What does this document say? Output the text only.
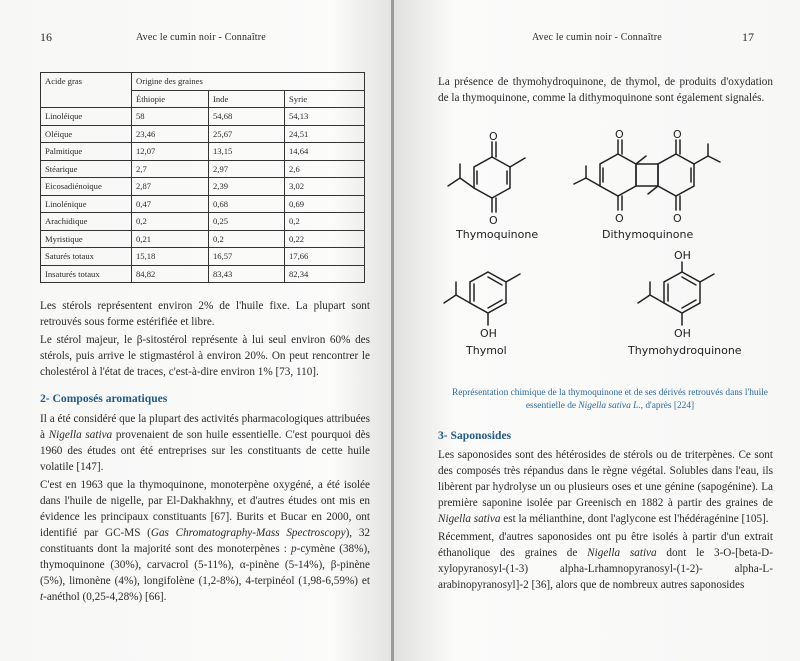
16	Avec le cumin noir - Connaître
Acide gras	Origine des graines		
	Éthiopie	Inde	Syrie
Linoléique	58	54,68	54,13
Oléique	23,46	25,67	24,51
Palmitique	12,07	13,15	14,64
Stéarique	2,7	2,97	2,6
Eicosadiénoique	2,87	2,39	3,02
Linolénique	0,47	0,68	0,69
Arachidique	0,2	0,25	0,2
Myristique	0,21	0,2	0,22
Saturés totaux	15,18	16,57	17,66
Insaturés totaux	84,82	83,43	82,34

Les stérols représentent environ 2% de l'huile fixe. La plupart sont retrouvés sous forme estérifiée et libre.

Le stérol majeur, le β-sitostérol représente à lui seul environ 60% des stérols, puis arrive le stigmastérol à environ 20%. On peut rencontrer le cholestérol à l'état de traces, c'est-à-dire environ 1% [73, 110].

2- Composés aromatiques

Il a été considéré que la plupart des activités pharmacologiques attribuées à Nigella sativa provenaient de son huile essentielle. C'est pourquoi dès 1960 des études ont été entreprises sur les constituants de cette huile volatile [147].

C'est en 1963 que la thymoquinone, monoterpène oxygéné, a été isolée dans l'huile de nigelle, par El-Dakhakhny, et d'autres études ont mis en évidence les principaux constituants [67]. Burits et Bucar en 2000, ont identifié par GC-MS (Gas Chromatography-Mass Spectroscopy), 32 constituants dont la majorité sont des monoterpènes : p-cymène (38%), thymoquinone (30%), carvacrol (5-11%), α-pinène (5-14%), β-pinène (5%), limonène (4%), longifolène (1,2-8%), 4-terpinéol (1,98-6,59%) et t-anéthol (0,25-4,28%) [66].

Avec le cumin noir - Connaître	17
La présence de thymohydroquinone, de thymol, de produits d'oxydation de la thymoquinone, comme la dithymoquinone sont également signalés.
3- Saponosides

Les saponosides sont des hétérosides de stérols ou de triterpènes. Ce sont des composés très répandus dans le règne végétal. Solubles dans l'eau, ils libèrent par hydrolyse un ou plusieurs oses et une génine (sapogénine). La première saponine isolée par Greenisch en 1882 à partir des graines de Nigella sativa est la mélianthine, dont l'aglycone est l'hédéragénine [105].

Récemment, d'autres saponosides ont pu être isolés à partir d'un extrait éthanolique des graines de Nigella sativa dont le 3-O-[beta-D-xylopyranosyl-(1-3) alpha-Lrhamnopyranosyl-(1-2)- alpha-L-arabinopyranosyl]-2 [36], alors que de nombreux autres saponosides

O
O
Thymoquinone
O
O
O
O
Dithymoquinone
OH
Thymol
OH
OH
Thymohydroquinone
Représentation chimique de la thymoquinone et de ses dérivés retrouvés dans l'huile essentielle de Nigella sativa L., d'après [224]
